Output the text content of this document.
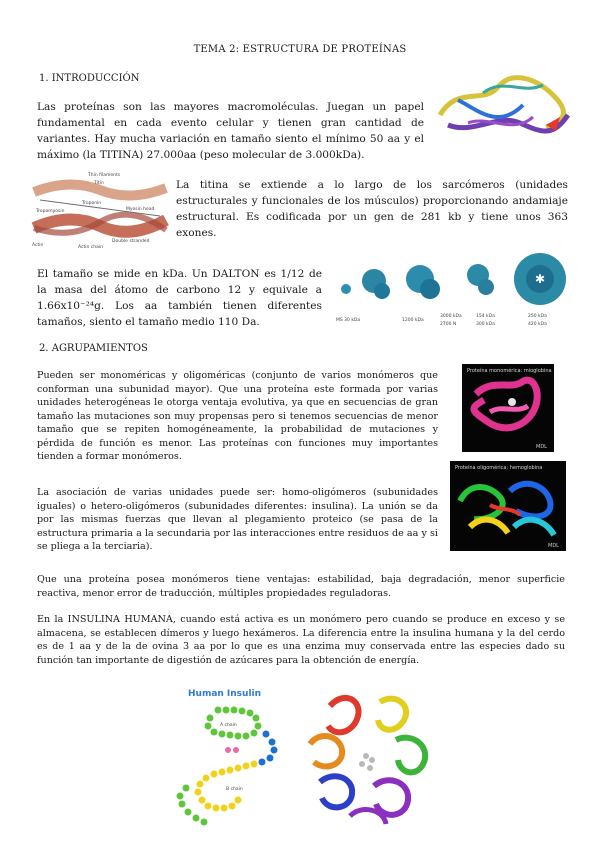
TEMA 2: ESTRUCTURA DE PROTEÍNAS
1. INTRODUCCIÓN

Las proteínas son las mayores macromoléculas. Juegan un papel fundamental en cada evento celular y tienen gran cantidad de variantes. Hay mucha variación en tamaño siento el mínimo 50 aa y el máximo (la TITINA) 27.000aa (peso molecular de 3.000kDa).

Thin filaments
Titin
Troponin
Tropomyosin	Myosin head
Actin
Double stranded
Actin chain

La titina se extiende a lo largo de los sarcómeros (unidades estructurales y funcionales de los músculos) proporcionando andamiaje estructural. Es codificada por un gen de 281 kb y tiene unos 363 exones.

El tamaño se mide en kDa. Un DALTON es 1/12 de la masa del átomo de carbono 12 y equivale a 1.66x10⁻²⁴g. Los aa también tienen diferentes tamaños, siento el tamaño medio 110 Da.

✱
MS 30 kDa	1200 kDa
3000 kDa
2700 N
154 kDa
300 kDa
250 kDa
420 kDa
2. AGRUPAMIENTOS

Pueden ser monoméricas y oligoméricas (conjunto de varios monómeros que conforman una subunidad mayor). Que una proteína este formada por varias unidades heterogéneas le otorga ventaja evolutiva, ya que en secuencias de gran tamaño las mutaciones son muy propensas pero si tenemos secuencias de menor tamaño que se repiten homogéneamente, la probabilidad de mutaciones y pérdida de función es menor. Las proteínas con funciones muy importantes tienden a formar monómeros.

Proteína monomérica: mioglobina
MDL
Proteína oligomérica: hemoglobina
MDL

La asociación de varias unidades puede ser: homo-oligómeros (subunidades iguales) o hetero-oligómeros (subunidades diferentes: insulina). La unión se da por las mismas fuerzas que llevan al plegamiento proteico (se pasa de la estructura primaria a la secundaria por las interacciones entre residuos de aa y si se pliega a la terciaria).

Que una proteína posea monómeros tiene ventajas: estabilidad, baja degradación, menor superficie reactiva, menor error de traducción, múltiples propiedades reguladoras.

En la INSULINA HUMANA, cuando está activa es un monómero pero cuando se produce en exceso y se almacena, se establecen dímeros y luego hexámeros. La diferencia entre la insulina humana y la del cerdo es de 1 aa y de la de ovina 3 aa por lo que es una enzima muy conservada entre las especies dado su función tan importante de digestión de azúcares para la obtención de energía.

Human Insulin
A chain
B chain
